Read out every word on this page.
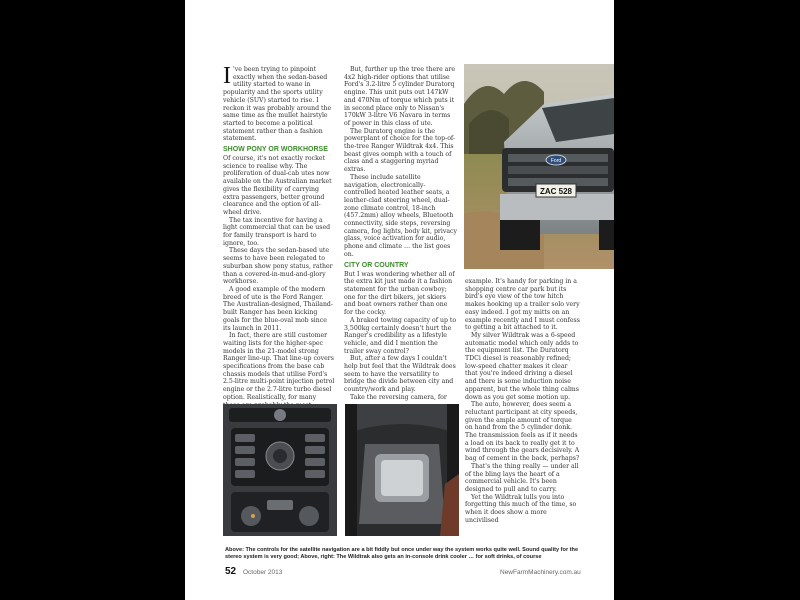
I 've been trying to pinpoint exactly when the sedan-based utility started to wane in popularity and the sports utility vehicle (SUV) started to rise. I reckon it was probably around the same time as the mullet hairstyle started to become a political statement rather than a fashion statement.

SHOW PONY OR WORKHORSE

Of course, it's not exactly rocket science to realise why. The proliferation of dual-cab utes now available on the Australian market gives the flexibility of carrying extra passengers, better ground clearance and the option of all-wheel drive.

The tax incentive for having a light commercial that can be used for family transport is hard to ignore, too.

These days the sedan-based ute seems to have been relegated to suburban show pony status, rather than a covered-in-mud-and-glory workhorse.

A good example of the modern breed of ute is the Ford Ranger. The Australian-designed, Thailand-built Ranger has been kicking goals for the blue-oval mob since its launch in 2011.

In fact, there are still customer waiting lists for the higher-spec models in the 21-model strong Ranger line-up. That line-up covers specifications from the base cab chassis models that utilise Ford's 2.5-litre multi-point injection petrol engine or the 2.7-litre turbo diesel option. Realistically, for many

But, further up the tree there are 4x2 high-rider options that utilise Ford's 3.2-litre 5 cylinder Duratorq engine. This unit puts out 147kW and 470Nm of torque which puts it in second place only to Nissan's 170kW 3-litre V6 Navara in terms of power in this class of ute.

The Duratorq engine is the powerplant of choice for the top-of-the-tree Ranger Wildtrak 4x4. This beast gives oomph with a touch of class and a staggering myriad extras.

These include satellite navigation, electronically-controlled heated leather seats, a leather-clad steering wheel, dual-zone climate control, 18-inch (457.2mm) alloy wheels, Bluetooth connectivity, side steps, reversing camera, fog lights, body kit, privacy glass, voice activation for audio, phone and climate … the list goes on.

CITY OR COUNTRY

But I was wondering whether all of the extra kit just made it a fashion statement for the urban cowboy; one for the dirt bikers, jet skiers and boat owners rather than one for the cocky.

A braked towing capacity of up to 3,500kg certainly doesn't hurt the Ranger's credibility as a lifestyle vehicle, and did I mention the trailer sway control?

But, after a few days I couldn't help but feel that the Wildtrak does seem to have the versatility to bridge the divide between city and country/work and play.

Take the reversing camera, for

example. It's handy for parking in a shopping centre car park but its bird's eye view of the tow hitch makes hooking up a trailer solo very easy indeed. I got my mitts on an example recently and I must confess to getting a bit attached to it.

My silver Wildtrak was a 6-speed automatic model which only adds to the equipment list. The Duratorq TDCi diesel is reasonably refined; low-speed chatter makes it clear that you're indeed driving a diesel and there is some induction noise apparent, but the whole thing calms down as you get some motion up.

The auto, however, does seem a reluctant participant at city speeds, given the ample amount of torque on hand from the 5 cylinder donk. The transmission feels as if it needs a load on its back to really get it to wind through the gears decisively. A bag of cement in the back, perhaps?

That's the thing really — under all of the bling lays the heart of a commercial vehicle. It's been designed to pull and to carry.

Yet the Wildtrak lulls you into forgetting this much of the time, so when it does show a more uncivilised

Ford
ZAC 528
Above: The controls for the satellite navigation are a bit fiddly but once under way the system works quite well. Sound quality for the stereo system is very good; Above, right: The Wildtrak also gets an in-console drink cooler … for soft drinks, of course
52 October 2013	NewFarmMachinery.com.au
